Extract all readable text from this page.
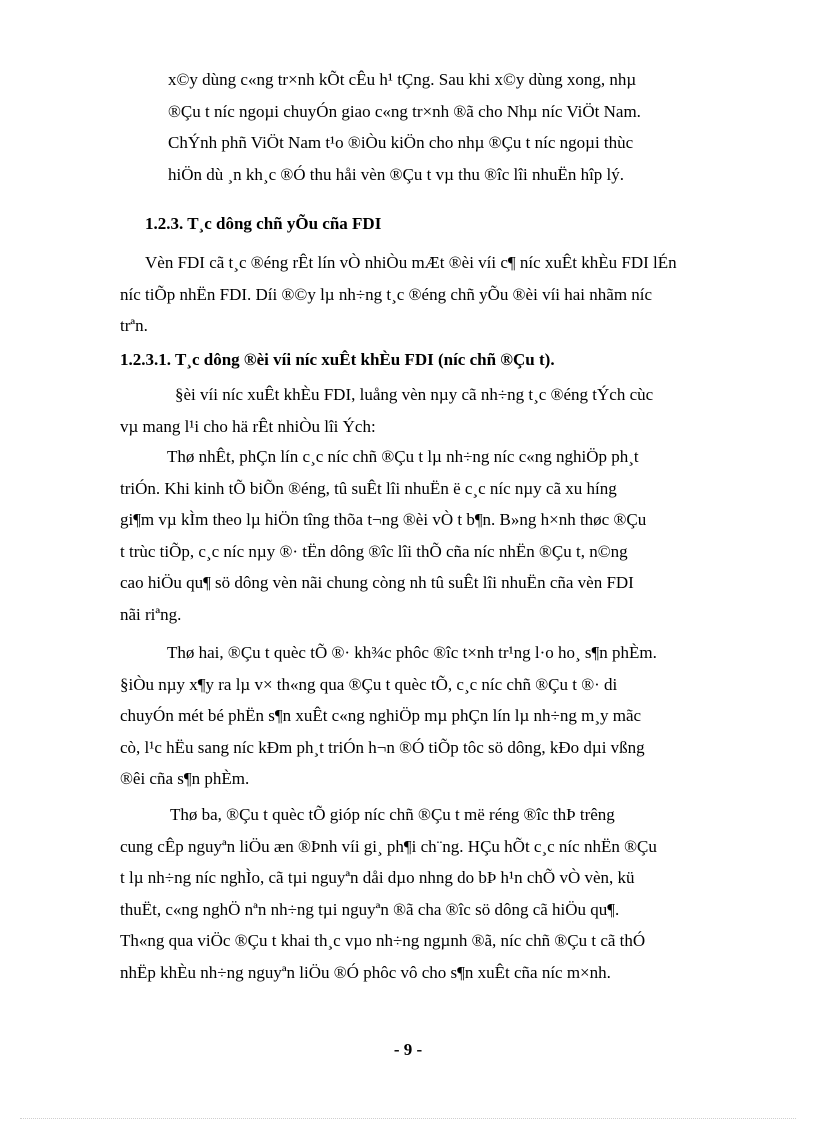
x©y dùng c«ng tr×nh kÕt cÊu h¹ tÇng. Sau khi x©y dùng xong, nhµ
®Çu t níc ngoµi chuyÓn giao c«ng tr×nh ®ã cho Nhµ níc ViÖt Nam.
ChÝnh phñ ViÖt Nam t¹o ®iÒu kiÖn cho nhµ ®Çu t níc ngoµi thùc
hiÖn dù ¸n kh¸c ®Ó thu håi vèn ®Çu t vµ thu ®îc lîi nhuËn hîp lý.

1.2.3. T¸c dông chñ yÕu cña FDI

Vèn FDI cã t¸c ®éng rÊt lín vÒ nhiÒu mÆt ®èi víi c¶ níc xuÊt khÈu FDI lÉn
níc tiÕp nhËn FDI. Díi ®©y lµ nh÷ng t¸c ®éng chñ yÕu ®èi víi hai nhãm níc
trªn.

1.2.3.1. T¸c dông ®èi víi níc xuÊt khÈu FDI (níc chñ ®Çu t).

§èi víi níc xuÊt khÈu FDI, luång vèn nµy cã nh÷ng t¸c ®éng tÝch cùc
vµ mang l¹i cho hä rÊt nhiÒu lîi Ých:

Thø nhÊt, phÇn lín c¸c níc chñ ®Çu t lµ nh÷ng níc c«ng nghiÖp ph¸t
triÓn. Khi kinh tÕ biÕn ®éng, tû suÊt lîi nhuËn ë c¸c níc nµy cã xu híng
gi¶m vµ kÌm theo lµ hiÖn tîng thõa t¬ng ®èi vÒ t b¶n. B»ng h×nh thøc ®Çu
t trùc tiÕp, c¸c níc nµy ®· tËn dông ®îc lîi thÕ cña níc nhËn ®Çu t, n©ng
cao hiÖu qu¶ sö dông vèn nãi chung còng nh tû suÊt lîi nhuËn cña vèn FDI
nãi riªng.

Thø hai, ®Çu t quèc tÕ ®· kh¾c phôc ®îc t×nh tr¹ng l·o ho¸ s¶n phÈm.
§iÒu nµy x¶y ra lµ v× th«ng qua ®Çu t quèc tÕ, c¸c níc chñ ®Çu t ®· di
chuyÓn mét bé phËn s¶n xuÊt c«ng nghiÖp mµ phÇn lín lµ nh÷ng m¸y mãc
cò, l¹c hËu sang níc kÐm ph¸t triÓn h¬n ®Ó tiÕp tôc sö dông, kÐo dµi vßng
®êi cña s¶n phÈm.

Thø ba, ®Çu t quèc tÕ gióp níc chñ ®Çu t më réng ®îc thÞ trêng
cung cÊp nguyªn liÖu æn ®Þnh víi gi¸ ph¶i ch¨ng. HÇu hÕt c¸c níc nhËn ®Çu
t lµ nh÷ng níc nghÌo, cã tµi nguyªn dåi dµo nhng do bÞ h¹n chÕ vÒ vèn, kü
thuËt, c«ng nghÖ nªn nh÷ng tµi nguyªn ®ã cha ®îc sö dông cã hiÖu qu¶.
Th«ng qua viÖc ®Çu t khai th¸c vµo nh÷ng ngµnh ®ã, níc chñ ®Çu t cã thÓ
nhËp khÈu nh÷ng nguyªn liÖu ®Ó phôc vô cho s¶n xuÊt cña níc m×nh.

- 9 -
